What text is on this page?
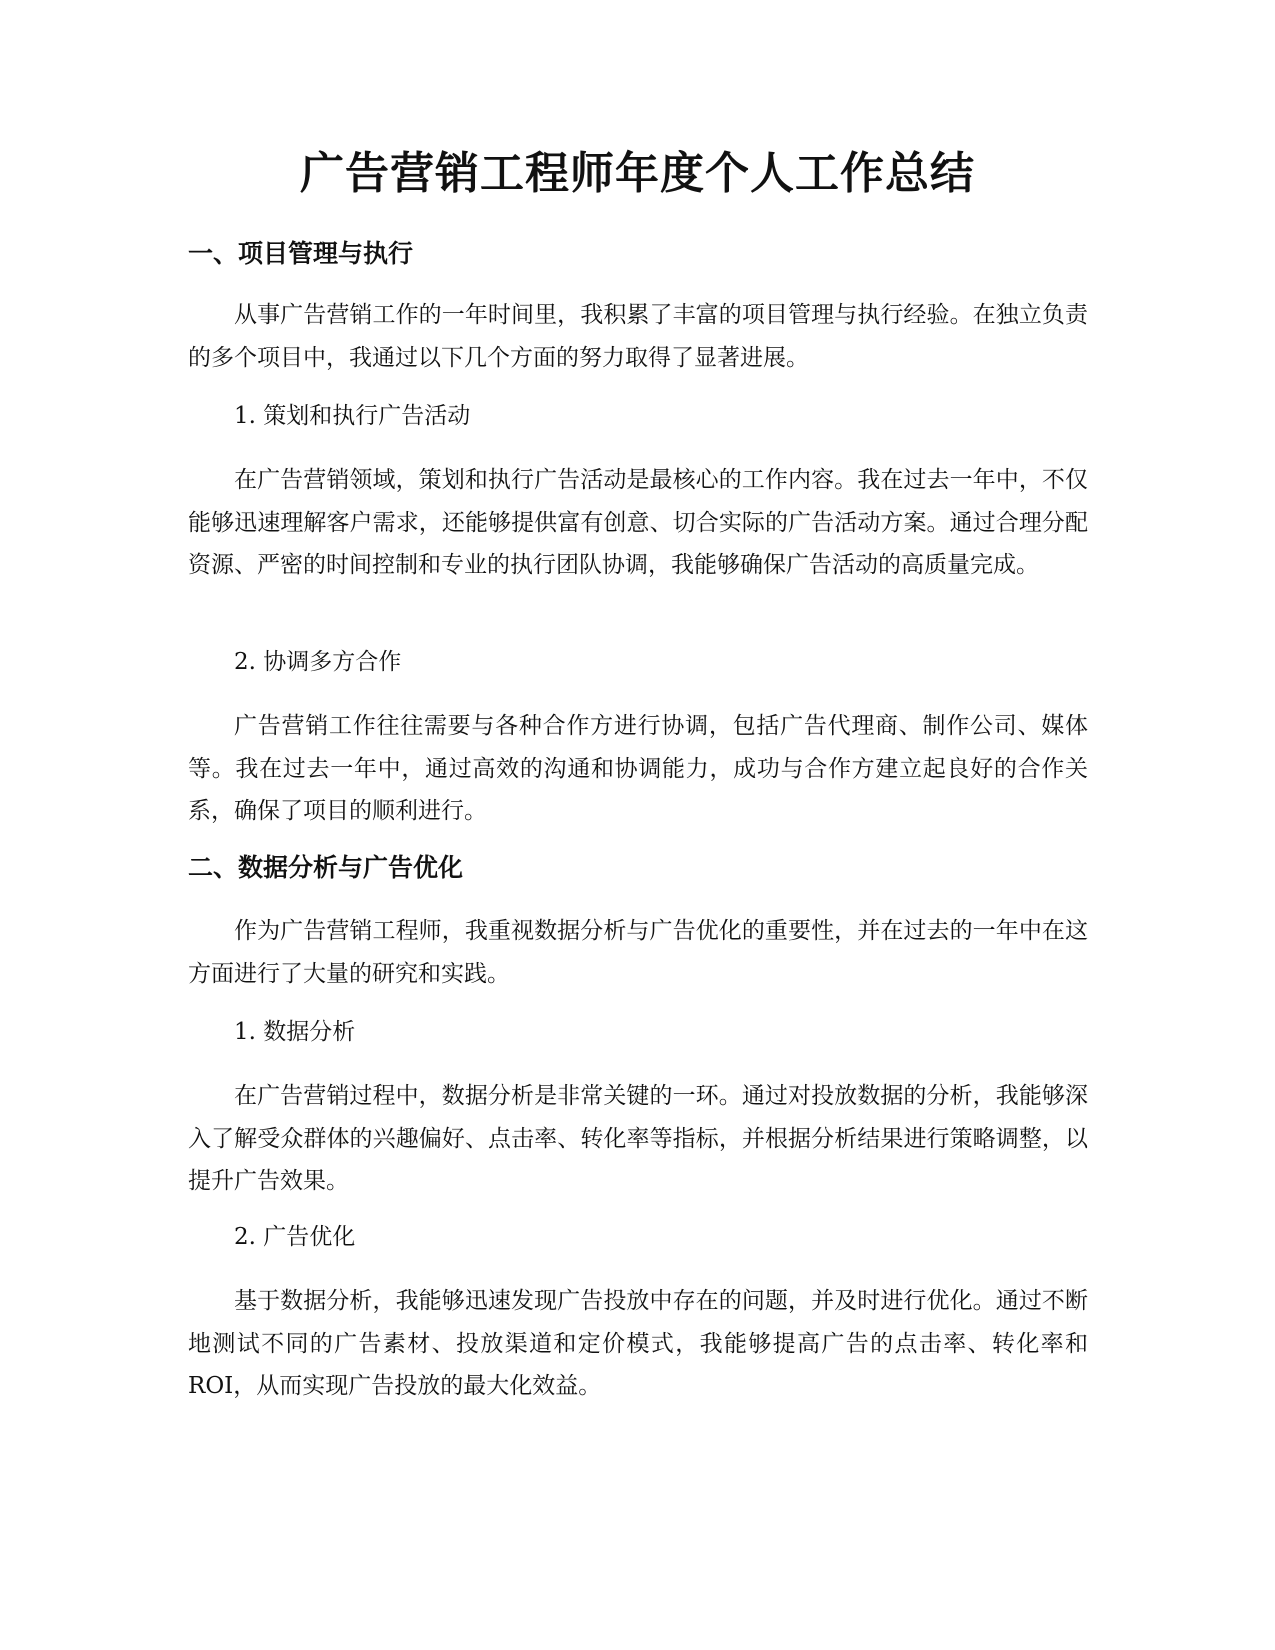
广告营销工程师年度个人工作总结
一、项目管理与执行

从事广告营销工作的一年时间里，我积累了丰富的项目管理与执行经验。在独立负责的多个项目中，我通过以下几个方面的努力取得了显著进展。

1. 策划和执行广告活动

在广告营销领域，策划和执行广告活动是最核心的工作内容。我在过去一年中，不仅能够迅速理解客户需求，还能够提供富有创意、切合实际的广告活动方案。通过合理分配资源、严密的时间控制和专业的执行团队协调，我能够确保广告活动的高质量完成。

2. 协调多方合作

广告营销工作往往需要与各种合作方进行协调，包括广告代理商、制作公司、媒体等。我在过去一年中，通过高效的沟通和协调能力，成功与合作方建立起良好的合作关系，确保了项目的顺利进行。

二、数据分析与广告优化

作为广告营销工程师，我重视数据分析与广告优化的重要性，并在过去的一年中在这方面进行了大量的研究和实践。

1. 数据分析

在广告营销过程中，数据分析是非常关键的一环。通过对投放数据的分析，我能够深入了解受众群体的兴趣偏好、点击率、转化率等指标，并根据分析结果进行策略调整，以提升广告效果。

2. 广告优化

基于数据分析，我能够迅速发现广告投放中存在的问题，并及时进行优化。通过不断地测试不同的广告素材、投放渠道和定价模式，我能够提高广告的点击率、转化率和 ROI，从而实现广告投放的最大化效益。
